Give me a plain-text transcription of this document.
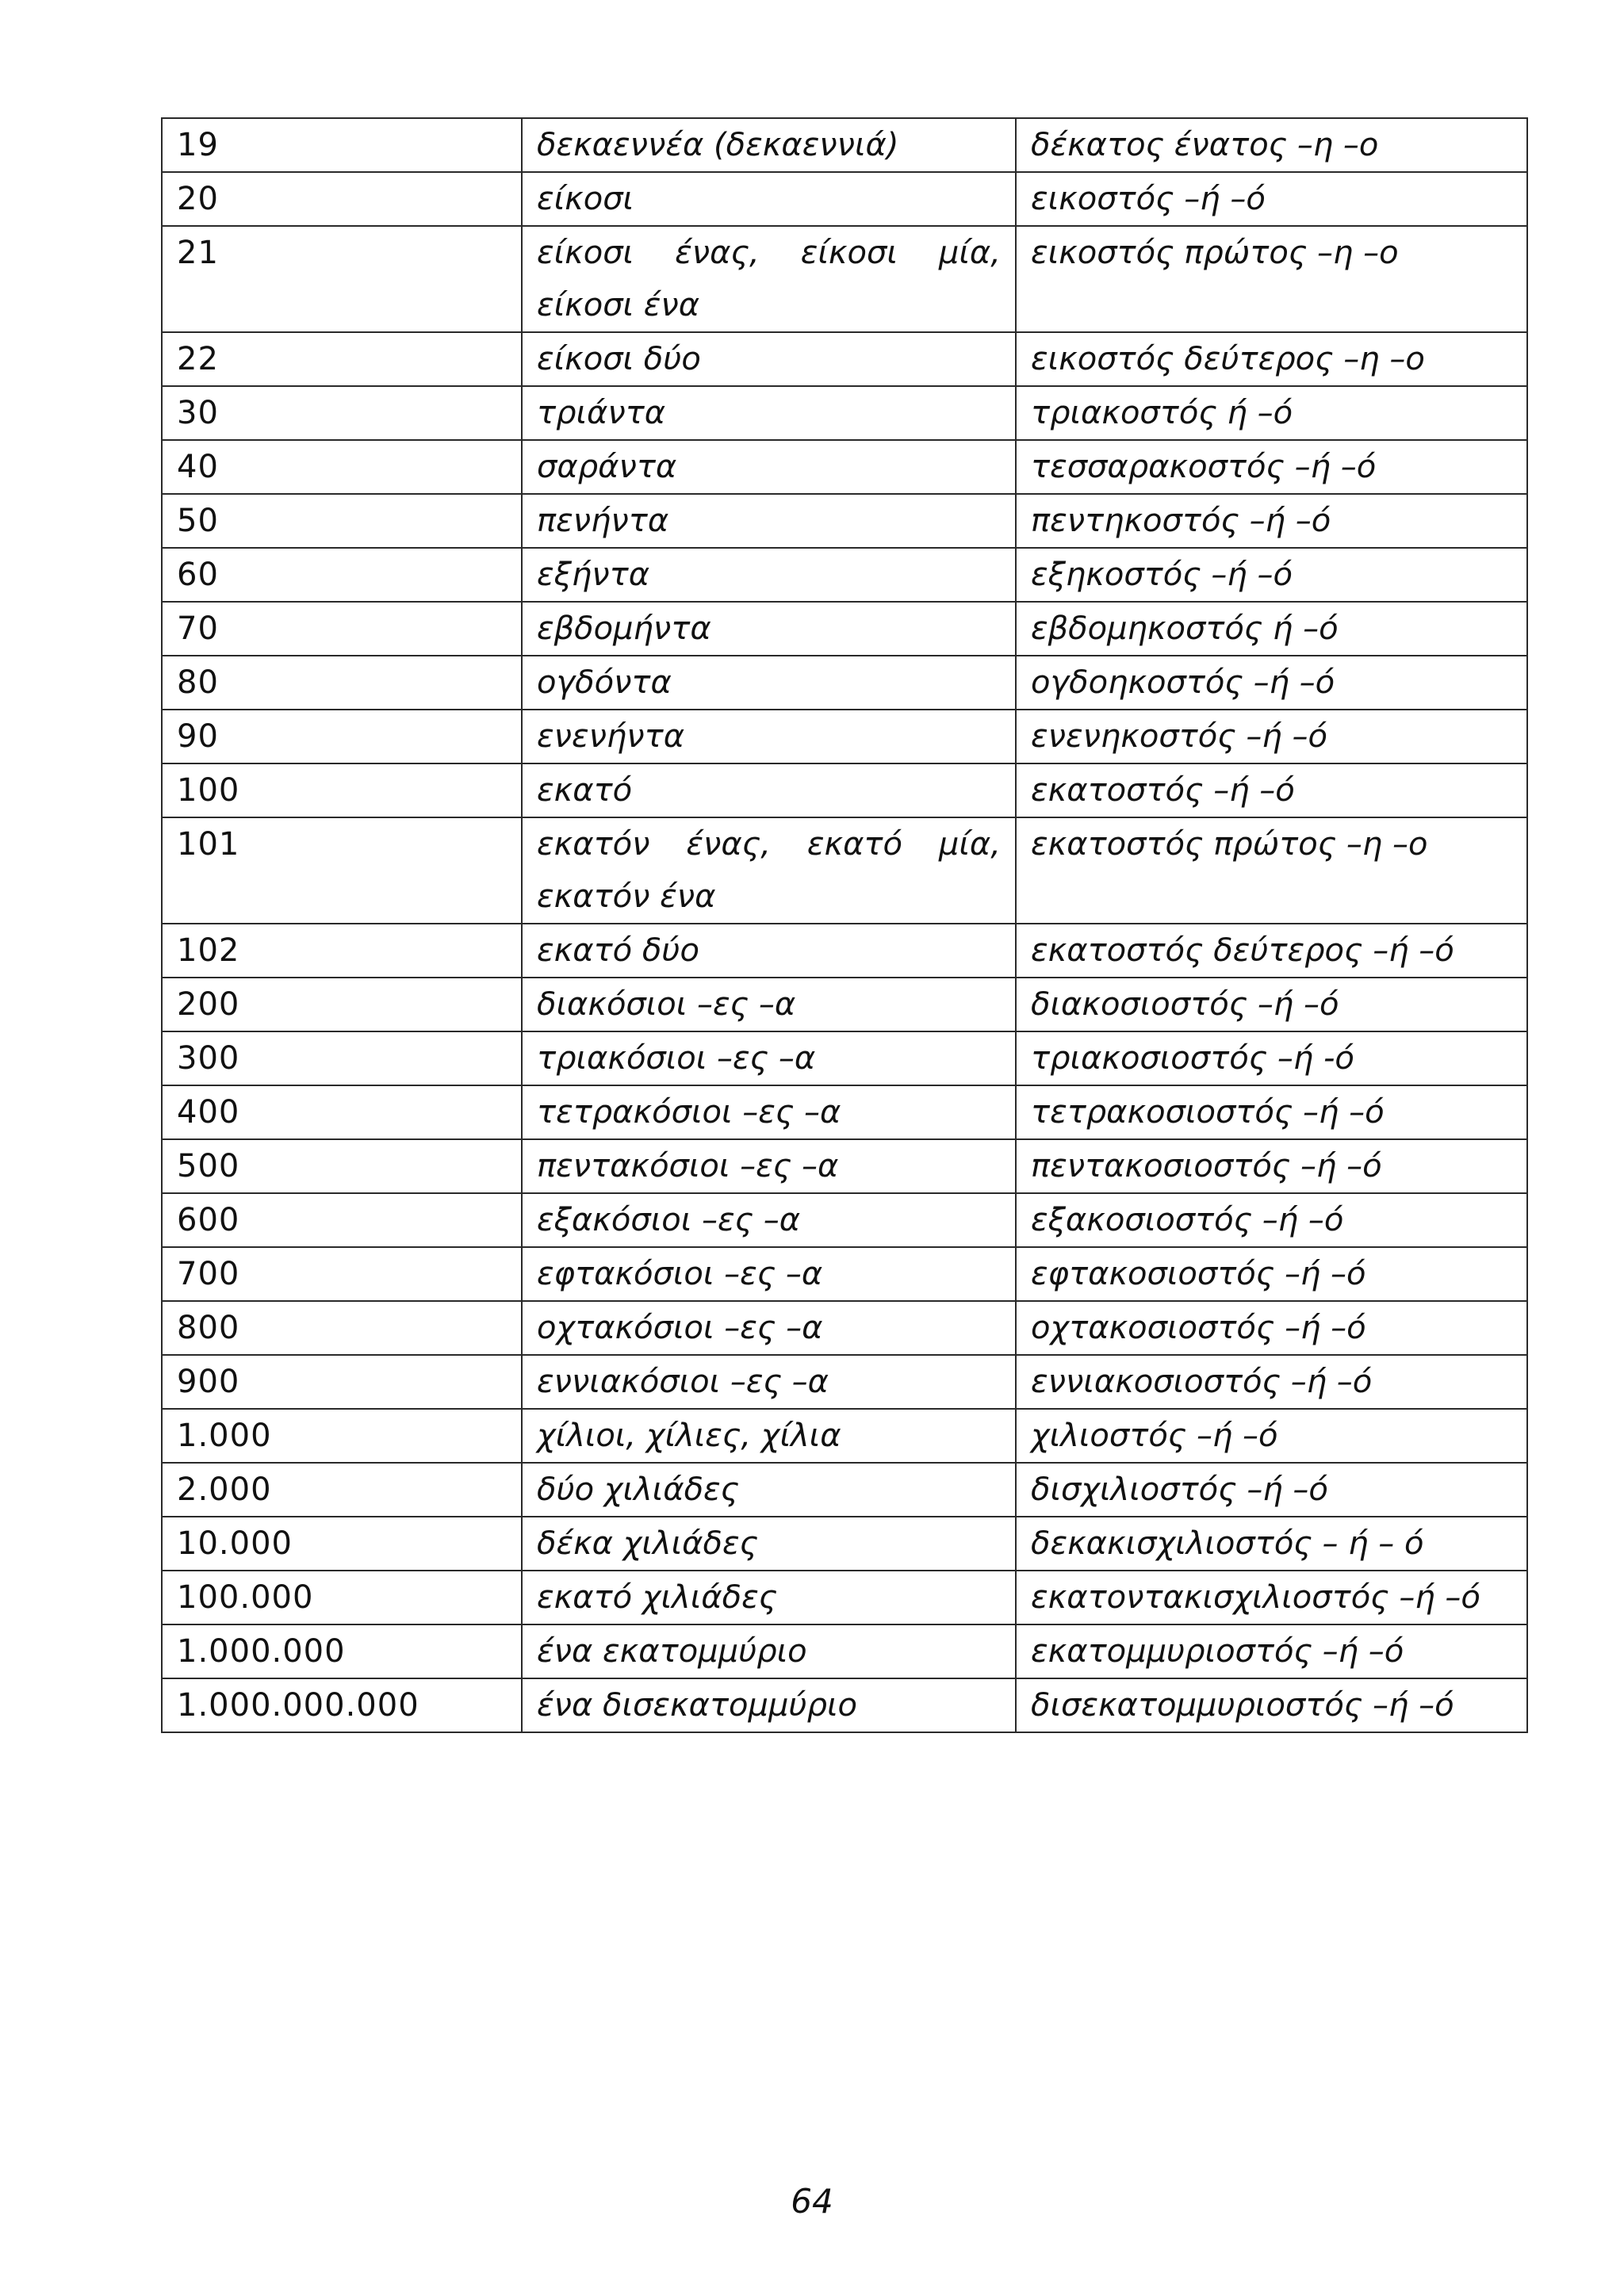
19	δεκαεννέα (δεκαεννιά)	δέκατος ένατος –η –ο
20	είκοσι	εικοστός –ή –ό
21	είκοσι ένας, είκοσι μία, είκοσι ένα	εικοστός πρώτος –η –ο
22	είκοσι δύο	εικοστός δεύτερος –η –ο
30	τριάντα	τριακοστός ή –ό
40	σαράντα	τεσσαρακοστός –ή –ό
50	πενήντα	πεντηκοστός –ή –ό
60	εξήντα	εξηκοστός –ή –ό
70	εβδομήντα	εβδομηκοστός ή –ό
80	ογδόντα	ογδοηκοστός –ή –ό
90	ενενήντα	ενενηκοστός –ή –ό
100	εκατό	εκατοστός –ή –ό
101	εκατόν ένας, εκατό μία, εκατόν ένα	εκατοστός πρώτος –η –ο
102	εκατό δύο	εκατοστός δεύτερος –ή –ό
200	διακόσιοι –ες –α	διακοσιοστός –ή –ό
300	τριακόσιοι –ες –α	τριακοσιοστός –ή -ό
400	τετρακόσιοι –ες –α	τετρακοσιοστός –ή –ό
500	πεντακόσιοι –ες –α	πεντακοσιοστός –ή –ό
600	εξακόσιοι –ες –α	εξακοσιοστός –ή –ό
700	εφτακόσιοι –ες –α	εφτακοσιοστός –ή –ό
800	οχτακόσιοι –ες –α	οχτακοσιοστός –ή –ό
900	εννιακόσιοι –ες –α	εννιακοσιοστός –ή –ό
1.000	χίλιοι, χίλιες, χίλια	χιλιοστός –ή –ό
2.000	δύο χιλιάδες	δισχιλιοστός –ή –ό
10.000	δέκα χιλιάδες	δεκακισχιλιοστός – ή – ό
100.000	εκατό χιλιάδες	εκατοντακισχιλιοστός –ή –ό
1.000.000	ένα εκατομμύριο	εκατομμυριοστός –ή –ό
1.000.000.000	ένα δισεκατομμύριο	δισεκατομμυριοστός –ή –ό
64
